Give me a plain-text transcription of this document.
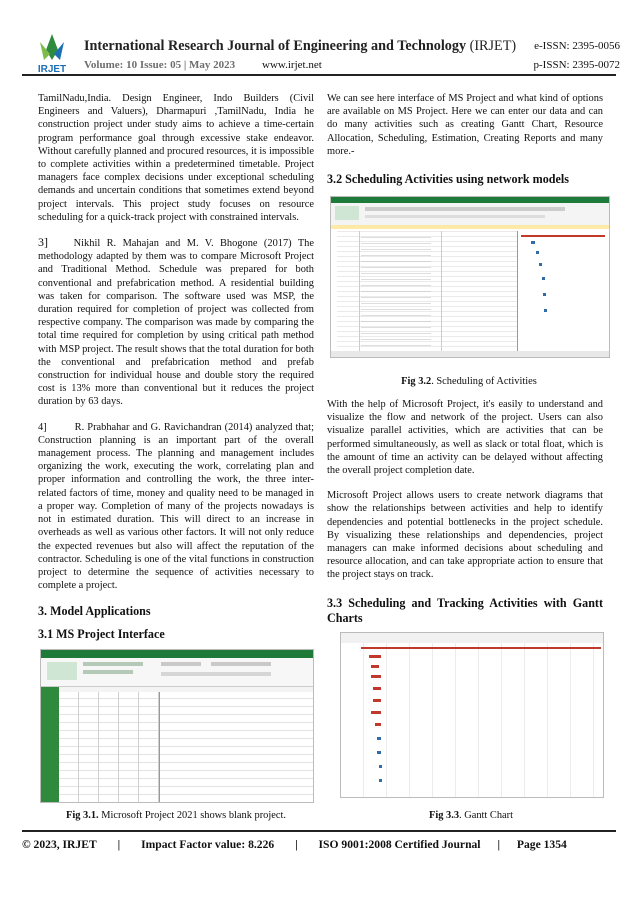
IRJET
International Research Journal of Engineering and Technology (IRJET) e-ISSN: 2395-0056
Volume: 10 Issue: 05 | May 2023 www.irjet.net	p-ISSN: 2395-0072

TamilNadu,India. Design Engineer, Indo Builders (Civil Engineers and Valuers), Dharmapuri ,TamilNadu, India he construction project under study aims to achieve a time-certain program performance goal through excessive stake endeavor. Without carefully planned and procured resources, it is impossible to complete activities within a predetermined timetable. Project managers face complex decisions under exceptional scheduling demands and uncertain conditions that sometimes extend beyond project intervals. This project study focuses on resource scheduling for a quick-track project with constrained intervals.

3] Nikhil R. Mahajan and M. V. Bhogone (2017) The methodology adapted by them was to compare Microsoft Project and Traditional Method. Schedule was prepared for both conventional and prefabrication method. A residential building was taken for comparison. The software used was MSP, the duration required for completion of project was collected from respective company. The comparison was made by comparing the total time required for completion by using critical path method with MSP project. The result shows that the total duration for both the conventional and prefabrication method and prefab construction for individual house and double story the required cost is 13% more than conventional but it reduces the project duration by 63 days.

4]	R. Prabhahar and G. Ravichandran (2014) analyzed that; Construction planning is an important part of the overall management process. The planning and management includes organizing the work, executing the work, correlating plan and proper information and controlling the work, the three inter-related factors of time, money and quality need to be managed in a proper way. Completion of many of the projects nowadays is not in estimated duration. This will direct to an increase in overheads as well as various other factors. It will not only reduce the expected revenues but also will affect the reputation of the contractor. Scheduling is one of the vital functions in construction project to determine the sequence of activities necessary to complete a project.

3. Model Applications

3.1 MS Project Interface

Fig 3.1. Microsoft Project 2021 shows blank project.

We can see here interface of MS Project and what kind of options are available on MS Project. Here we can enter our data and can do many activities such as creating Gantt Chart, Resource Allocation, Scheduling, Estimation, Creating Reports and many more.-

3.2 Scheduling Activities using network models

Fig 3.2. Scheduling of Activities

With the help of Microsoft Project, it's easily to understand and visualize the flow and network of the project. Users can also visualize parallel activities, which are activities that can be performed simultaneously, as well as slack or total float, which is the amount of time an activity can be delayed without affecting the overall project completion date.

Microsoft Project allows users to create network diagrams that show the relationships between activities and help to identify dependencies and potential bottlenecks in the project schedule. By visualizing these relationships and dependencies, project managers can make informed decisions about scheduling and resource allocation, and can take appropriate action to ensure that the project stays on track.

3.3 Scheduling and Tracking Activities with Gantt Charts

Fig 3.3. Gantt Chart
© 2023, IRJET | Impact Factor value: 8.226 | ISO 9001:2008 Certified Journal | Page 1354
